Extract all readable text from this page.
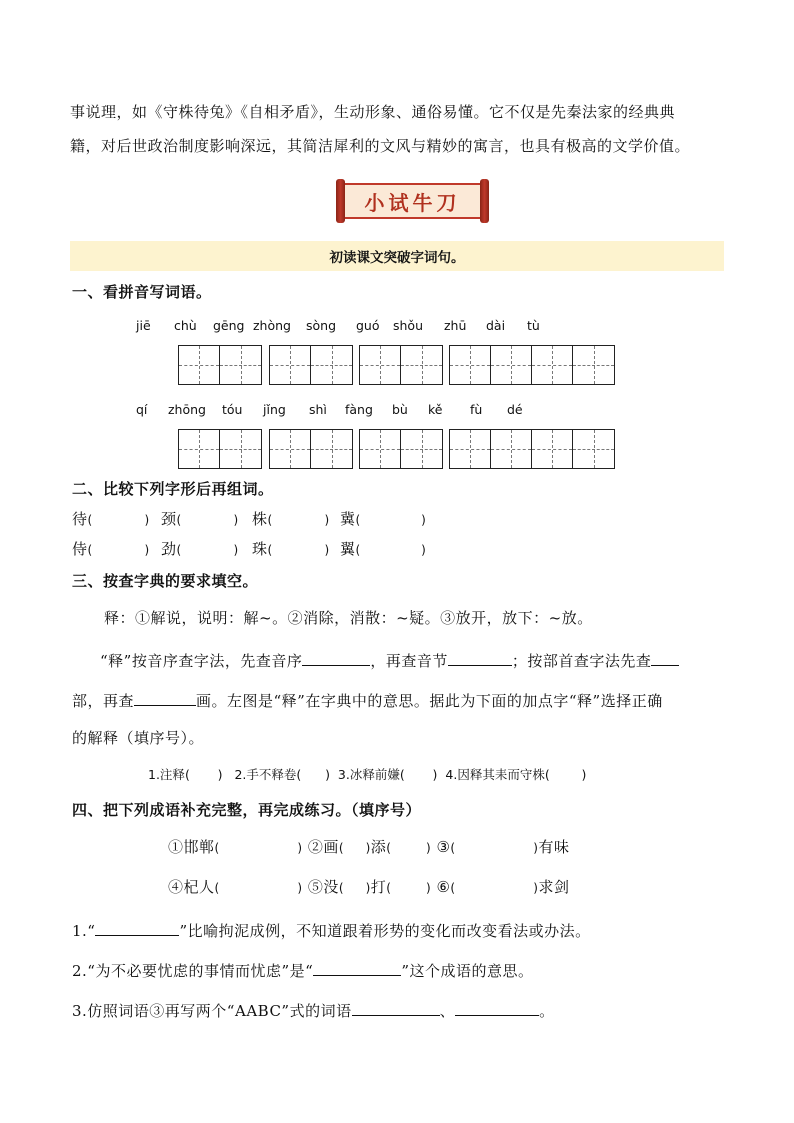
事说理，如《守株待兔》《自相矛盾》，生动形象、通俗易懂。它不仅是先秦法家的经典典
籍，对后世政治制度影响深远，其简洁犀利的文风与精妙的寓言，也具有极高的文学价值。
小试牛刀
初读课文突破字词句。
一、看拼音写词语。
jiē chù gēng zhòng sòng guó shǒu zhū dài tù
qí zhōng tóu jǐng shì fàng bù kě fù dé
二、比较下列字形后再组词。
待(            ) 颈(            ) 株(            ) 冀(              )
侍(            ) 劲(            ) 珠(            ) 翼(              )
三、按查字典的要求填空。
释：①解说，说明：解~。②消除，消散：~疑。③放开，放下：~放。
“释”按音序查字法，先查音序	，再查音节	；按部首查字法先查
部，再查	画。左图是“释”在字典中的意思。据此为下面的加点字“释”选择正确
的解释（填序号）。
1.注释(       ) 2.手不释卷(      ) 3.冰释前嫌(       ) 4.因释其耒而守株(        )
四、把下列成语补充完整，再完成练习。（填序号）
①邯郸(                  ) ②画(     )添(        ) ③(                  )有味
④杞人(                  ) ⑤没(     )打(        ) ⑥(                  )求剑
1.“	”比喻拘泥成例，不知道跟着形势的变化而改变看法或办法。
2.“为不必要忧虑的事情而忧虑”是“	”这个成语的意思。
3.仿照词语③再写两个“AABC”式的词语	、	。
